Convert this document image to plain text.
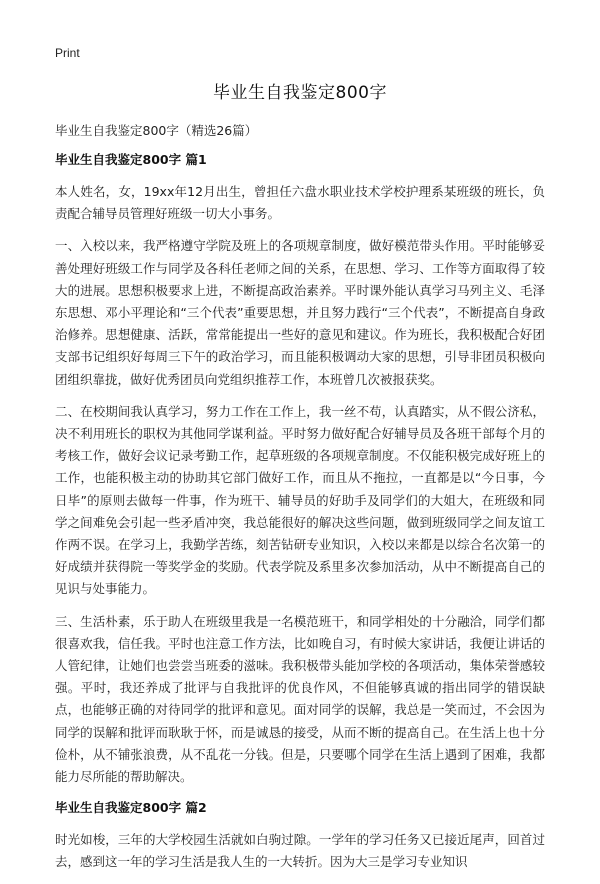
Print
毕业生自我鉴定800字
毕业生自我鉴定800字（精选26篇）
毕业生自我鉴定800字 篇1

本人姓名，女，19xx年12月出生，曾担任六盘水职业技术学校护理系某班级的班长，负责配合辅导员管理好班级一切大小事务。

一、入校以来，我严格遵守学院及班上的各项规章制度，做好模范带头作用。平时能够妥善处理好班级工作与同学及各科任老师之间的关系，在思想、学习、工作等方面取得了较大的进展。思想积极要求上进，不断提高政治素养。平时课外能认真学习马列主义、毛泽东思想、邓小平理论和“三个代表”重要思想，并且努力践行“三个代表”，不断提高自身政治修养。思想健康、活跃，常常能提出一些好的意见和建议。作为班长，我积极配合好团支部书记组织好每周三下午的政治学习，而且能积极调动大家的思想，引导非团员积极向团组织靠拢，做好优秀团员向党组织推荐工作，本班曾几次被报获奖。

二、在校期间我认真学习，努力工作在工作上，我一丝不苟，认真踏实，从不假公济私，决不利用班长的职权为其他同学谋利益。平时努力做好配合好辅导员及各班干部每个月的考核工作，做好会议记录考勤工作，起草班级的各项规章制度。不仅能积极完成好班上的工作，也能积极主动的协助其它部门做好工作，而且从不拖拉，一直都是以“今日事，今日毕”的原则去做每一件事，作为班干、辅导员的好助手及同学们的大姐大，在班级和同学之间难免会引起一些矛盾冲突，我总能很好的解决这些问题，做到班级同学之间友谊工作两不误。在学习上，我勤学苦练，刻苦钻研专业知识，入校以来都是以综合名次第一的好成绩并获得院一等奖学金的奖励。代表学院及系里多次参加活动，从中不断提高自己的见识与处事能力。

三、生活朴素，乐于助人在班级里我是一名模范班干，和同学相处的十分融洽，同学们都很喜欢我，信任我。平时也注意工作方法，比如晚自习，有时候大家讲话，我便让讲话的人管纪律，让她们也尝尝当班委的滋味。我积极带头能加学校的各项活动，集体荣誉感较强。平时，我还养成了批评与自我批评的优良作风，不但能够真诚的指出同学的错误缺点，也能够正确的对待同学的批评和意见。面对同学的误解，我总是一笑而过，不会因为同学的误解和批评而耿耿于怀，而是诚恳的接受，从而不断的提高自己。在生活上也十分俭朴，从不铺张浪费，从不乱花一分钱。但是，只要哪个同学在生活上遇到了困难，我都能力尽所能的帮助解决。

毕业生自我鉴定800字 篇2

时光如梭，三年的大学校园生活就如白驹过隙。一学年的学习任务又已接近尾声，回首过去，感到这一年的学习生活是我人生的一大转折。因为大三是学习专业知识
